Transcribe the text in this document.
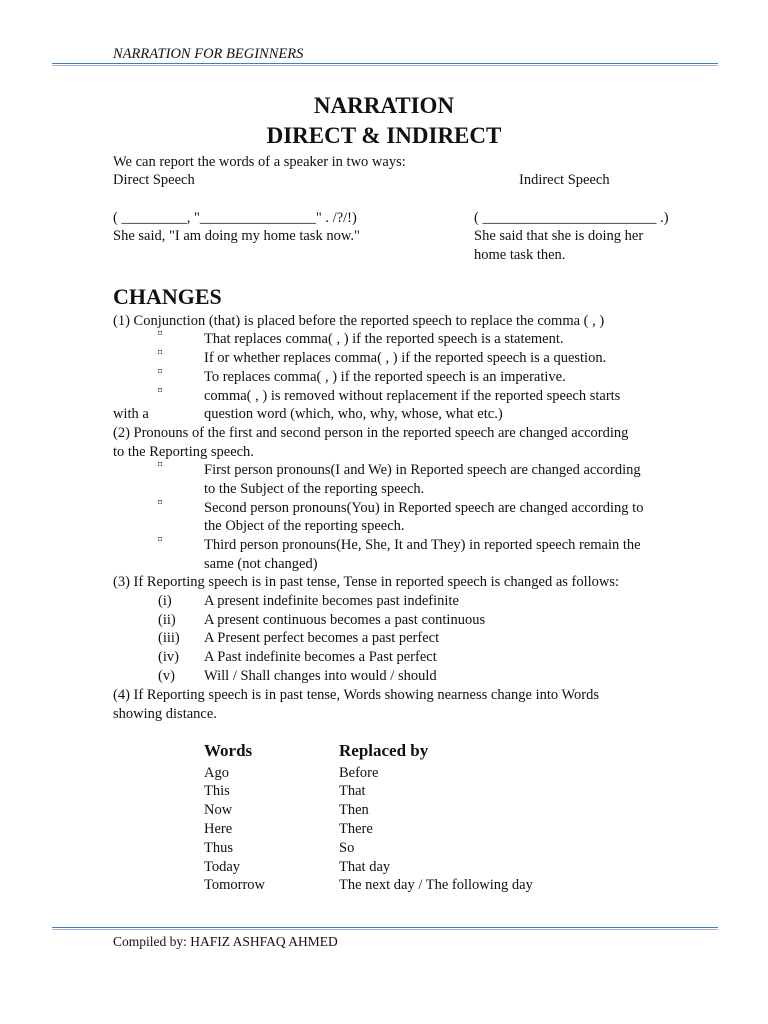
NARRATION FOR BEGINNERS
NARRATION
DIRECT & INDIRECT
We can report the words of a speaker in two ways:
Direct Speech	Indirect Speech
( _________, "________________" . /?/!)	( ________________________ .)
She said, "I am doing my home task now."	She said that she is doing her
home task then.
CHANGES
(1) Conjunction (that) is placed before the reported speech to replace the comma ( , )
⌑	That replaces comma( , ) if the reported speech is a statement.
⌑	If or whether replaces comma( , ) if the reported speech is a question.
⌑	To replaces comma( , ) if the reported speech is an imperative.
⌑	comma( , ) is removed without replacement if the reported speech starts
with a	question word (which, who, why, whose, what etc.)
(2) Pronouns of the first and second person in the reported speech are changed according
to the Reporting speech.
⌑	First person pronouns(I and We) in Reported speech are changed according
to the Subject of the reporting speech.
⌑	Second person pronouns(You) in Reported speech are changed according to
the Object of the reporting speech.
⌑	Third person pronouns(He, She, It and They) in reported speech remain the
same (not changed)
(3) If Reporting speech is in past tense, Tense in reported speech is changed as follows:
(i) A present indefinite becomes past indefinite
(ii) A present continuous becomes a past continuous
(iii) A Present perfect becomes a past perfect
(iv) A Past indefinite becomes a Past perfect
(v) Will / Shall changes into would / should
(4) If Reporting speech is in past tense, Words showing nearness change into Words
showing distance.
Words	Replaced by
Ago	Before
This	That
Now	Then
Here	There
Thus	So
Today	That day
Tomorrow	The next day / The following day
Compiled by: HAFIZ ASHFAQ AHMED
